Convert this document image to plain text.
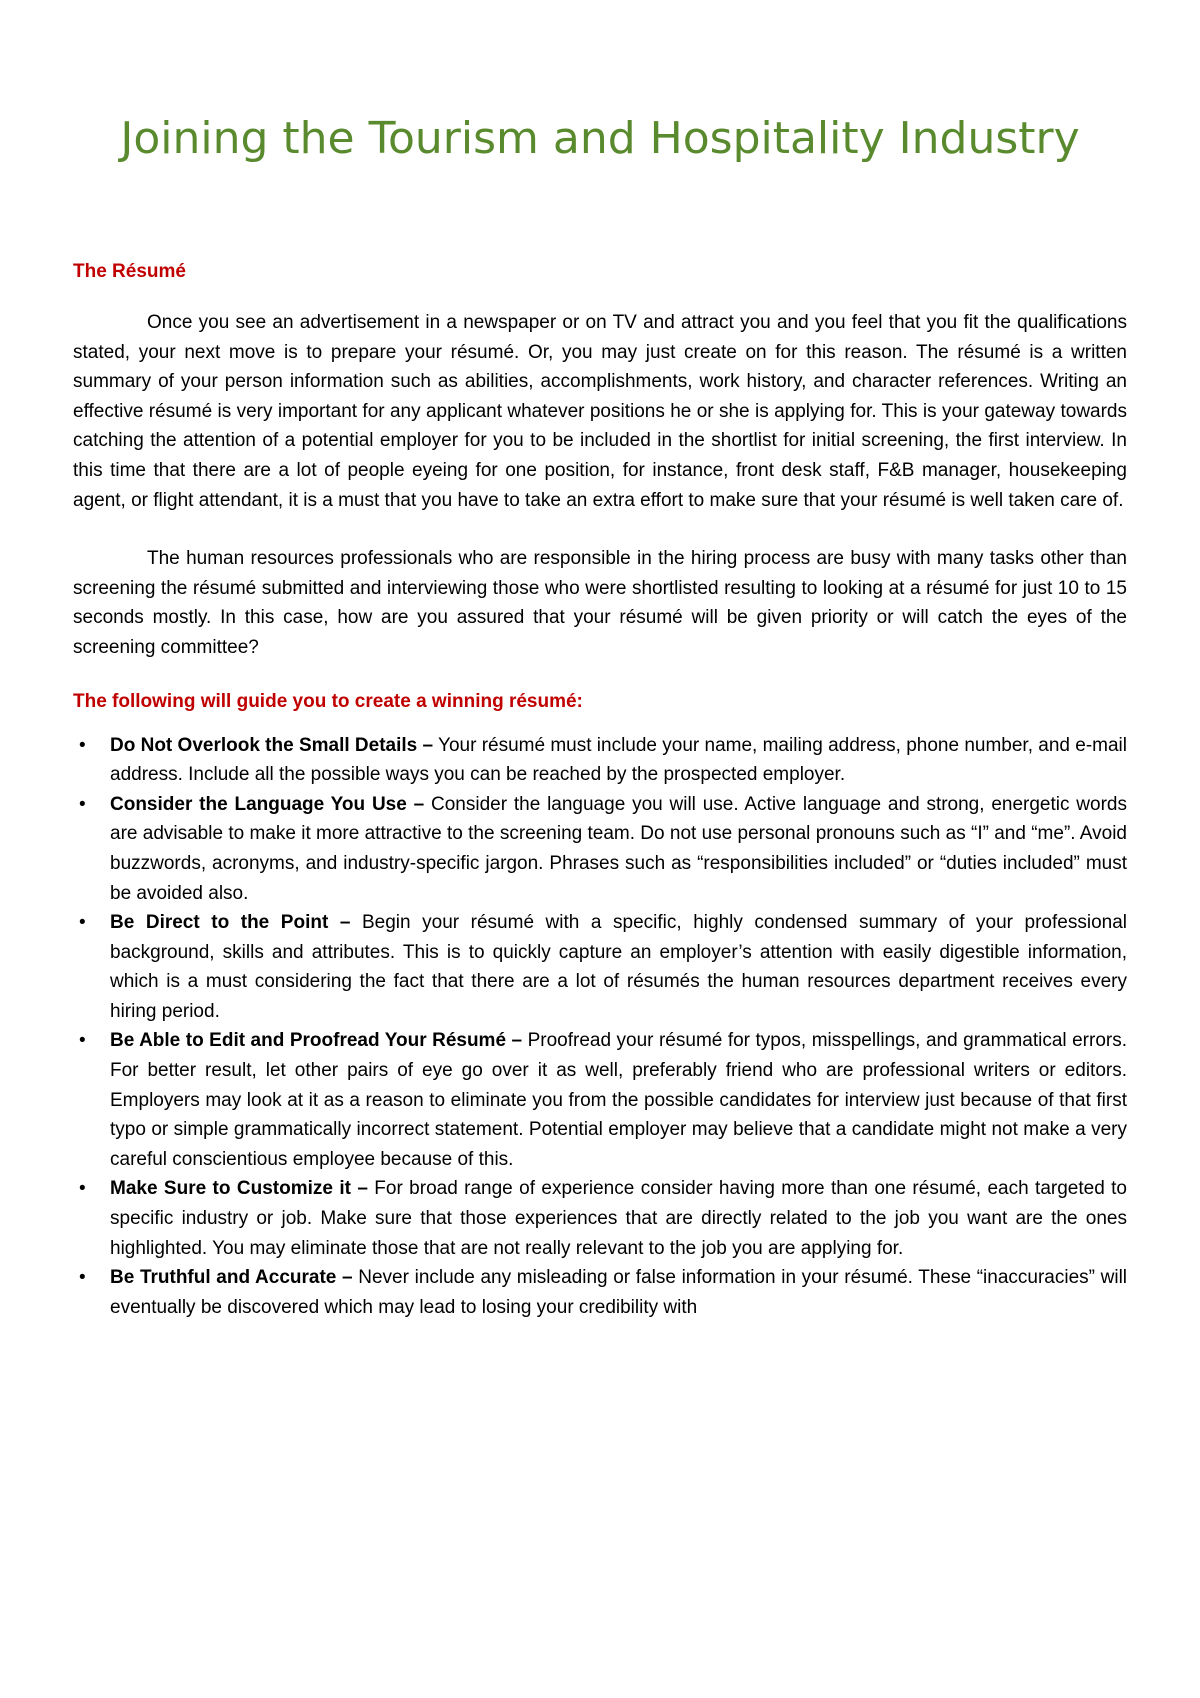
Joining the Tourism and Hospitality Industry
The Résumé

Once you see an advertisement in a newspaper or on TV and attract you and you feel that you fit the qualifications stated, your next move is to prepare your résumé. Or, you may just create on for this reason. The résumé is a written summary of your person information such as abilities, accomplishments, work history, and character references. Writing an effective résumé is very important for any applicant whatever positions he or she is applying for. This is your gateway towards catching the attention of a potential employer for you to be included in the shortlist for initial screening, the first interview. In this time that there are a lot of people eyeing for one position, for instance, front desk staff, F&B manager, housekeeping agent, or flight attendant, it is a must that you have to take an extra effort to make sure that your résumé is well taken care of.

The human resources professionals who are responsible in the hiring process are busy with many tasks other than screening the résumé submitted and interviewing those who were shortlisted resulting to looking at a résumé for just 10 to 15 seconds mostly. In this case, how are you assured that your résumé will be given priority or will catch the eyes of the screening committee?

The following will guide you to create a winning résumé:
• Do Not Overlook the Small Details – Your résumé must include your name, mailing address, phone number, and e-mail address. Include all the possible ways you can be reached by the prospected employer.
• Consider the Language You Use – Consider the language you will use. Active language and strong, energetic words are advisable to make it more attractive to the screening team. Do not use personal pronouns such as “I” and “me”. Avoid buzzwords, acronyms, and industry-specific jargon. Phrases such as “responsibilities included” or “duties included” must be avoided also.
• Be Direct to the Point – Begin your résumé with a specific, highly condensed summary of your professional background, skills and attributes. This is to quickly capture an employer’s attention with easily digestible information, which is a must considering the fact that there are a lot of résumés the human resources department receives every hiring period.
• Be Able to Edit and Proofread Your Résumé – Proofread your résumé for typos, misspellings, and grammatical errors. For better result, let other pairs of eye go over it as well, preferably friend who are professional writers or editors. Employers may look at it as a reason to eliminate you from the possible candidates for interview just because of that first typo or simple grammatically incorrect statement. Potential employer may believe that a candidate might not make a very careful conscientious employee because of this.
• Make Sure to Customize it – For broad range of experience consider having more than one résumé, each targeted to specific industry or job. Make sure that those experiences that are directly related to the job you want are the ones highlighted. You may eliminate those that are not really relevant to the job you are applying for.
• Be Truthful and Accurate – Never include any misleading or false information in your résumé. These “inaccuracies” will eventually be discovered which may lead to losing your credibility with
